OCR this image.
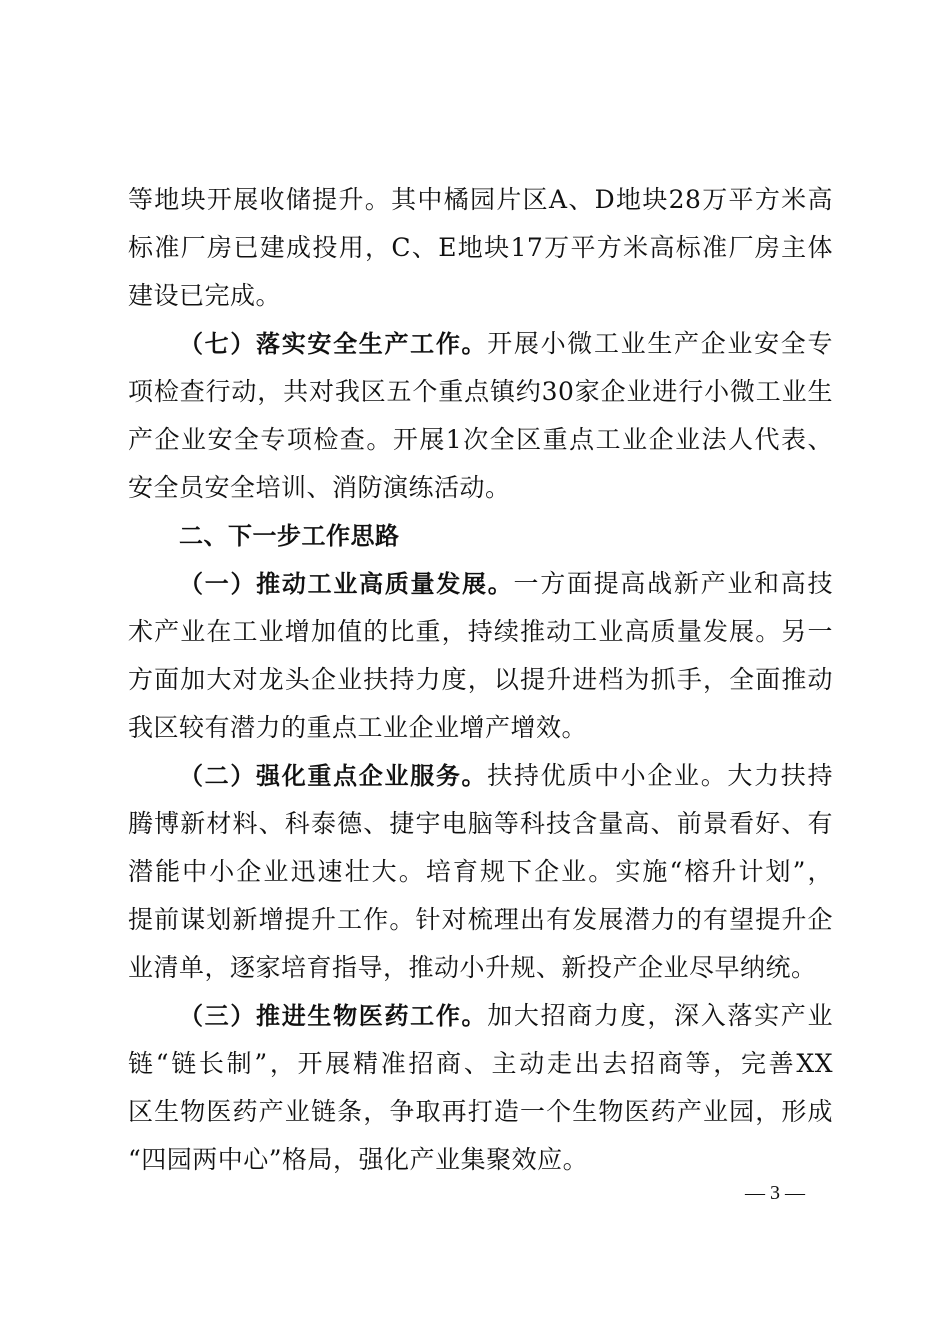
等地块开展收储提升。其中橘园片区A、D地块28万平方米高
标准厂房已建成投用，C、E地块17万平方米高标准厂房主体
建设已完成。
（七）落实安全生产工作。开展小微工业生产企业安全专
项检查行动，共对我区五个重点镇约30家企业进行小微工业生
产企业安全专项检查。开展1次全区重点工业企业法人代表、
安全员安全培训、消防演练活动。
二、下一步工作思路
（一）推动工业高质量发展。一方面提高战新产业和高技
术产业在工业增加值的比重，持续推动工业高质量发展。另一
方面加大对龙头企业扶持力度，以提升进档为抓手，全面推动
我区较有潜力的重点工业企业增产增效。
（二）强化重点企业服务。扶持优质中小企业。大力扶持
腾博新材料、科泰德、捷宇电脑等科技含量高、前景看好、有
潜能中小企业迅速壮大。培育规下企业。实施“榕升计划”，
提前谋划新增提升工作。针对梳理出有发展潜力的有望提升企
业清单，逐家培育指导，推动小升规、新投产企业尽早纳统。
（三）推进生物医药工作。加大招商力度，深入落实产业
链“链长制”，开展精准招商、主动走出去招商等，完善XX
区生物医药产业链条，争取再打造一个生物医药产业园，形成
“四园两中心”格局，强化产业集聚效应。
— 3 —
